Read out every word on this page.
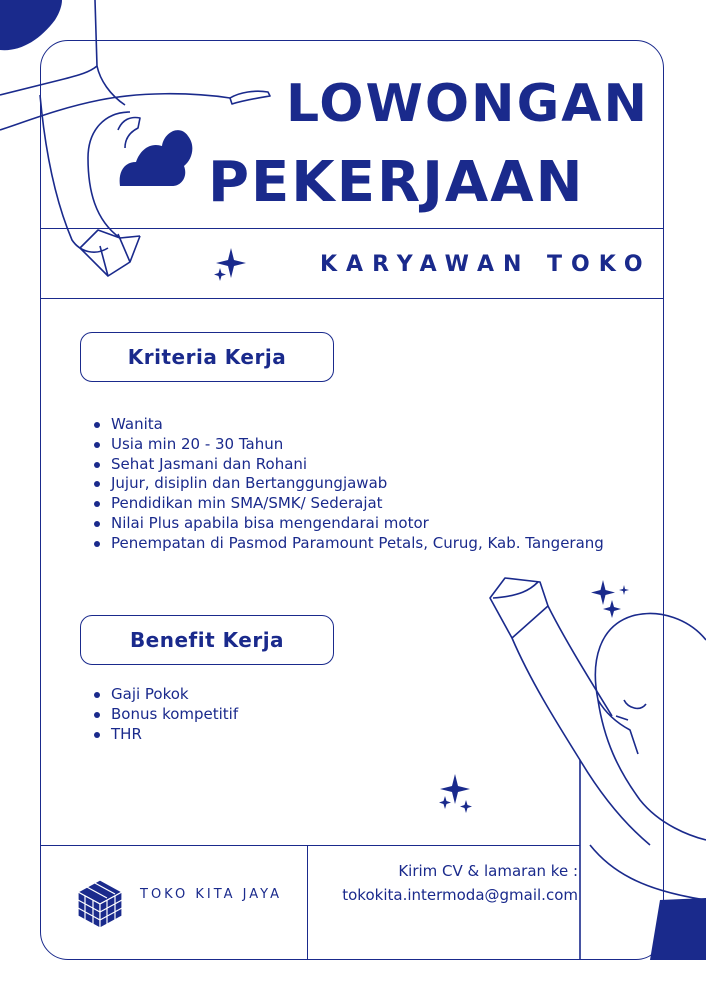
LOWONGAN
PEKERJAAN
KARYAWAN TOKO
Kriteria Kerja
Wanita
Usia min 20 - 30 Tahun
Sehat Jasmani dan Rohani
Jujur, disiplin dan Bertanggungjawab
Pendidikan min SMA/SMK/ Sederajat
Nilai Plus apabila bisa mengendarai motor
Penempatan di Pasmod Paramount Petals, Curug, Kab. Tangerang
Benefit Kerja
Gaji Pokok
Bonus kompetitif
THR
TOKO KITA JAYA
Kirim CV & lamaran ke :
tokokita.intermoda@gmail.com
